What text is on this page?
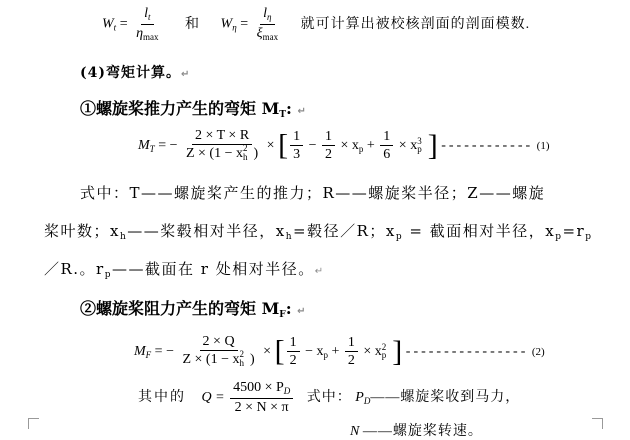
$W_t = \frac{l_t}{\eta_{max}}$ 和 $W_\eta = \frac{l_\eta}{\xi_{max}}$ 就可计算出被校核剖面的剖面模数.
(4)弯矩计算。↵
①螺旋桨推力产生的弯矩 $M_T$: ↵
$M_T$ = − 2 × T × R
$Z \times (1 - x_h$
2 ) × [ $\frac{1}{3} - \frac{1}{2} \times x_p + \frac{1}{6} \times x_p$
3 ] ------------ (1)
式中：T——螺旋桨产生的推力；R——螺旋桨半径；Z——螺旋
桨叶数；$x_h——$桨毂相对半径，$x_h=$毂径／R；$x_p$ = 截面相对半径，$x_p=r_p$
／R.。$r_p——$截面在 r 处相对半径。↵
②螺旋桨阻力产生的弯矩 $M_F$: ↵
$M_F$ = − 2 × Q
$Z \times (1 - x_h$
2 ) × [ $\frac{1}{2} - x_p + \frac{1}{2} \times x_p$
2 ] ---------------- (2)
其中的 $Q = \frac{4500 \times P_D}{2 \times N \times \pi}$ 式中： $P_D——$螺旋桨收到马力，
N ——螺旋桨转速。
